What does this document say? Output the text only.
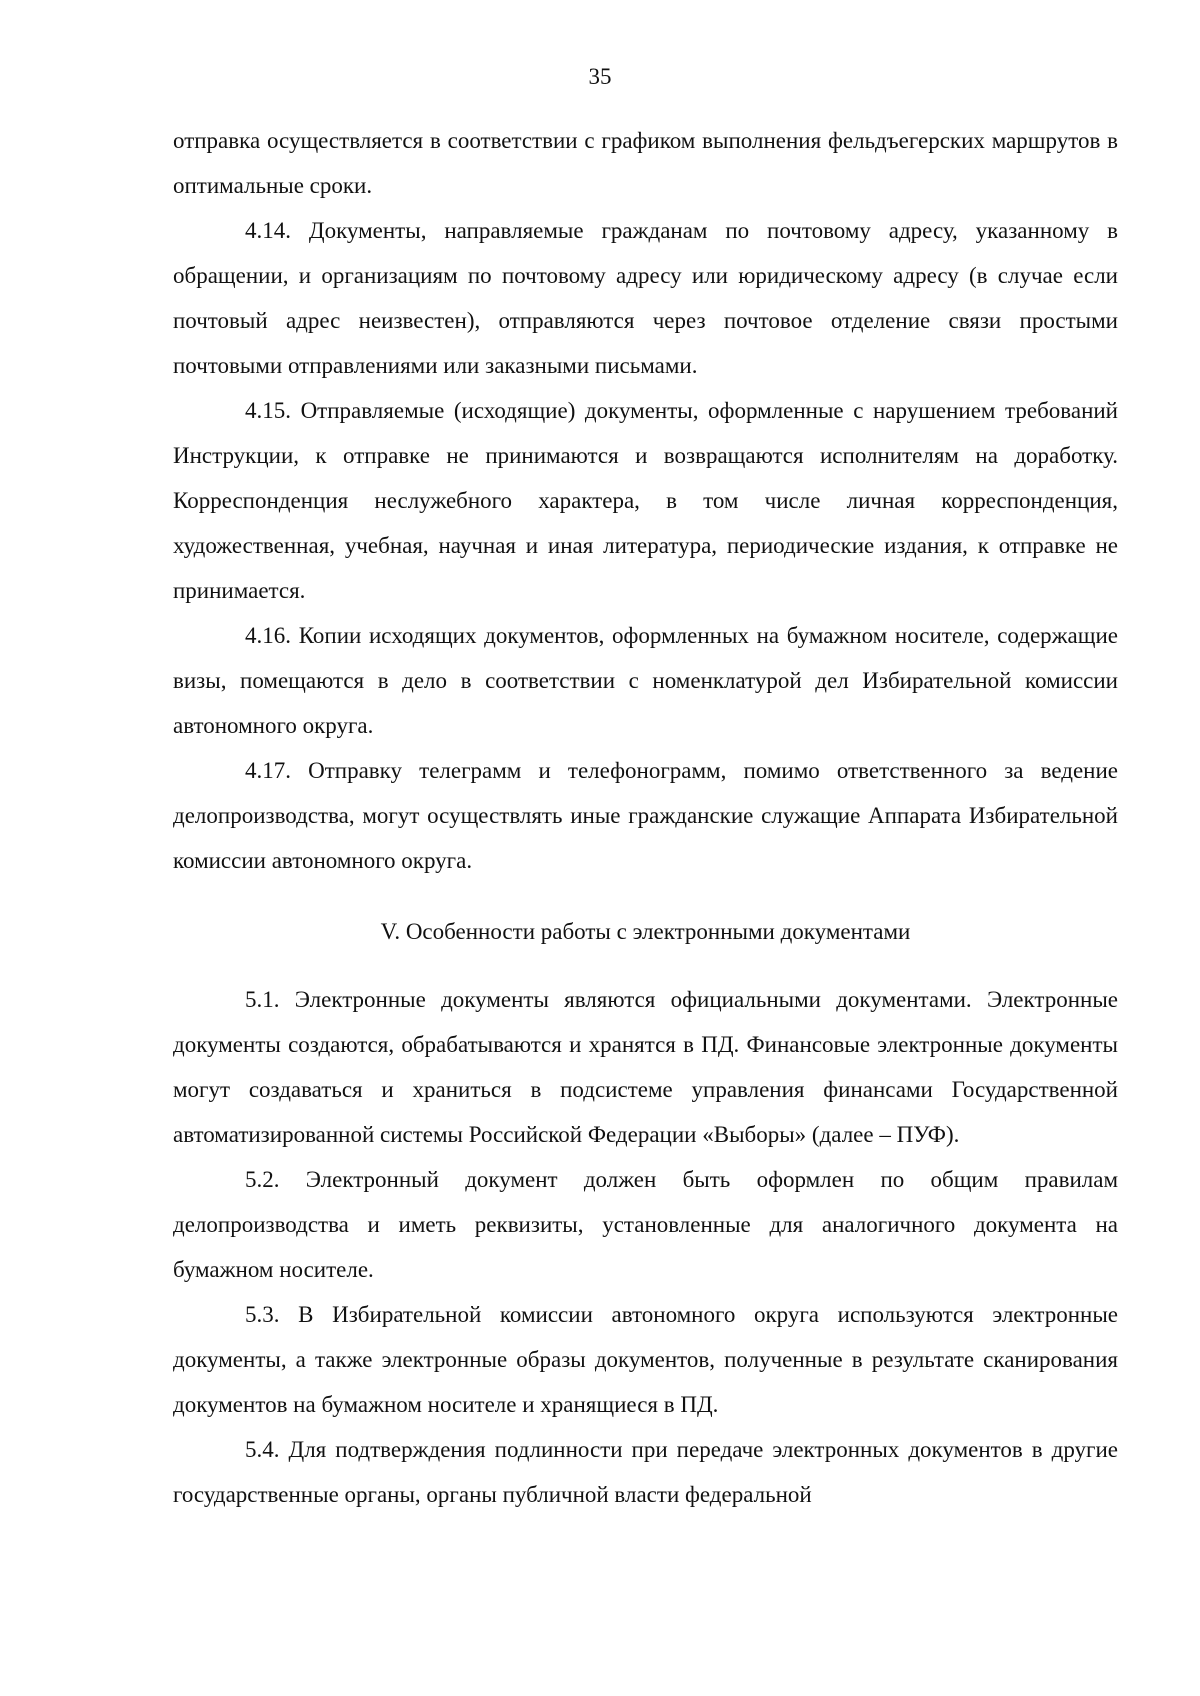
35

отправка осуществляется в соответствии с графиком выполнения фельдъегерских маршрутов в оптимальные сроки.

4.14. Документы, направляемые гражданам по почтовому адресу, указанному в обращении, и организациям по почтовому адресу или юридическому адресу (в случае если почтовый адрес неизвестен), отправляются через почтовое отделение связи простыми почтовыми отправлениями или заказными письмами.

4.15. Отправляемые (исходящие) документы, оформленные с нарушением требований Инструкции, к отправке не принимаются и возвращаются исполнителям на доработку. Корреспонденция неслужебного характера, в том числе личная корреспонденция, художественная, учебная, научная и иная литература, периодические издания, к отправке не принимается.

4.16. Копии исходящих документов, оформленных на бумажном носителе, содержащие визы, помещаются в дело в соответствии с номенклатурой дел Избирательной комиссии автономного округа.

4.17. Отправку телеграмм и телефонограмм, помимо ответственного за ведение делопроизводства, могут осуществлять иные гражданские служащие Аппарата Избирательной комиссии автономного округа.

V. Особенности работы с электронными документами

5.1. Электронные документы являются официальными документами. Электронные документы создаются, обрабатываются и хранятся в ПД. Финансовые электронные документы могут создаваться и храниться в подсистеме управления финансами Государственной автоматизированной системы Российской Федерации «Выборы» (далее – ПУФ).

5.2. Электронный документ должен быть оформлен по общим правилам делопроизводства и иметь реквизиты, установленные для аналогичного документа на бумажном носителе.

5.3. В Избирательной комиссии автономного округа используются электронные документы, а также электронные образы документов, полученные в результате сканирования документов на бумажном носителе и хранящиеся в ПД.

5.4. Для подтверждения подлинности при передаче электронных документов в другие государственные органы, органы публичной власти федеральной
